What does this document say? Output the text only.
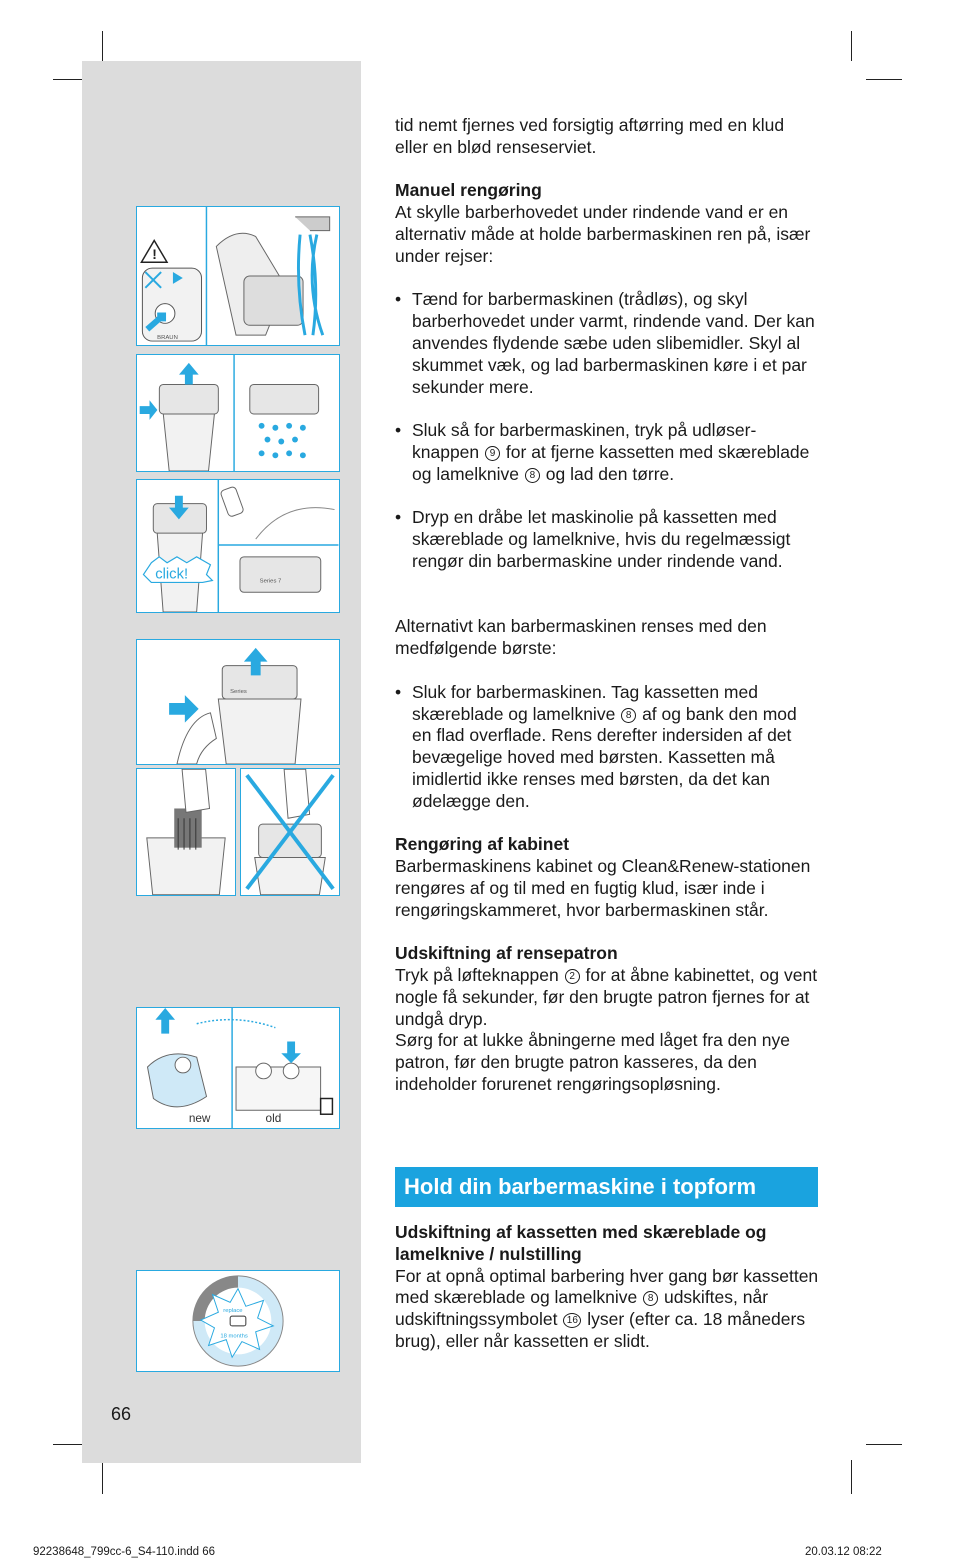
!
BRAUN
click!	Series 7
Series
new	old
replace
18 months

tid nemt fjernes ved forsigtig aftørring med en klud eller en blød renseserviet.

Manuel rengøring

At skylle barberhovedet under rindende vand er en alternativ måde at holde barbermaskinen ren på, især under rejser:

• Tænd for barbermaskinen (trådløs), og skyl barberhovedet under varmt, rindende vand. Der kan anvendes flydende sæbe uden slibemidler. Skyl al skummet væk, og lad barbermaskinen køre i et par sekunder mere.
• Sluk så for barbermaskinen, tryk på udløser-knappen 9 for at fjerne kassetten med skæreblade og lamelknive 8 og lad den tørre.
• Dryp en dråbe let maskinolie på kassetten med skæreblade og lamelknive, hvis du regelmæssigt rengør din barbermaskine under rindende vand.

Alternativt kan barbermaskinen renses med den medfølgende børste:

• Sluk for barbermaskinen. Tag kassetten med skæreblade og lamelknive 8 af og bank den mod en flad overflade. Rens derefter indersiden af det bevægelige hoved med børsten. Kassetten må imidlertid ikke renses med børsten, da det kan ødelægge den.

Rengøring af kabinet

Barbermaskinens kabinet og Clean&Renew-stationen rengøres af og til med en fugtig klud, især inde i rengøringskammeret, hvor barbermaskinen står.

Udskiftning af rensepatron

Tryk på løfteknappen 2 for at åbne kabinettet, og vent nogle få sekunder, før den brugte patron fjernes for at undgå dryp.

Sørg for at lukke åbningerne med låget fra den nye patron, før den brugte patron kasseres, da den indeholder forurenet rengøringsopløsning.

Hold din barbermaskine i topform

Udskiftning af kassetten med skæreblade og lamelknive / nulstilling

For at opnå optimal barbering hver gang bør kassetten med skæreblade og lamelknive 8 udskiftes, når udskiftningssymbolet 16 lyser (efter ca. 18 måneders brug), eller når kassetten er slidt.

66
92238648_799cc-6_S4-110.indd 66	20.03.12 08:22
